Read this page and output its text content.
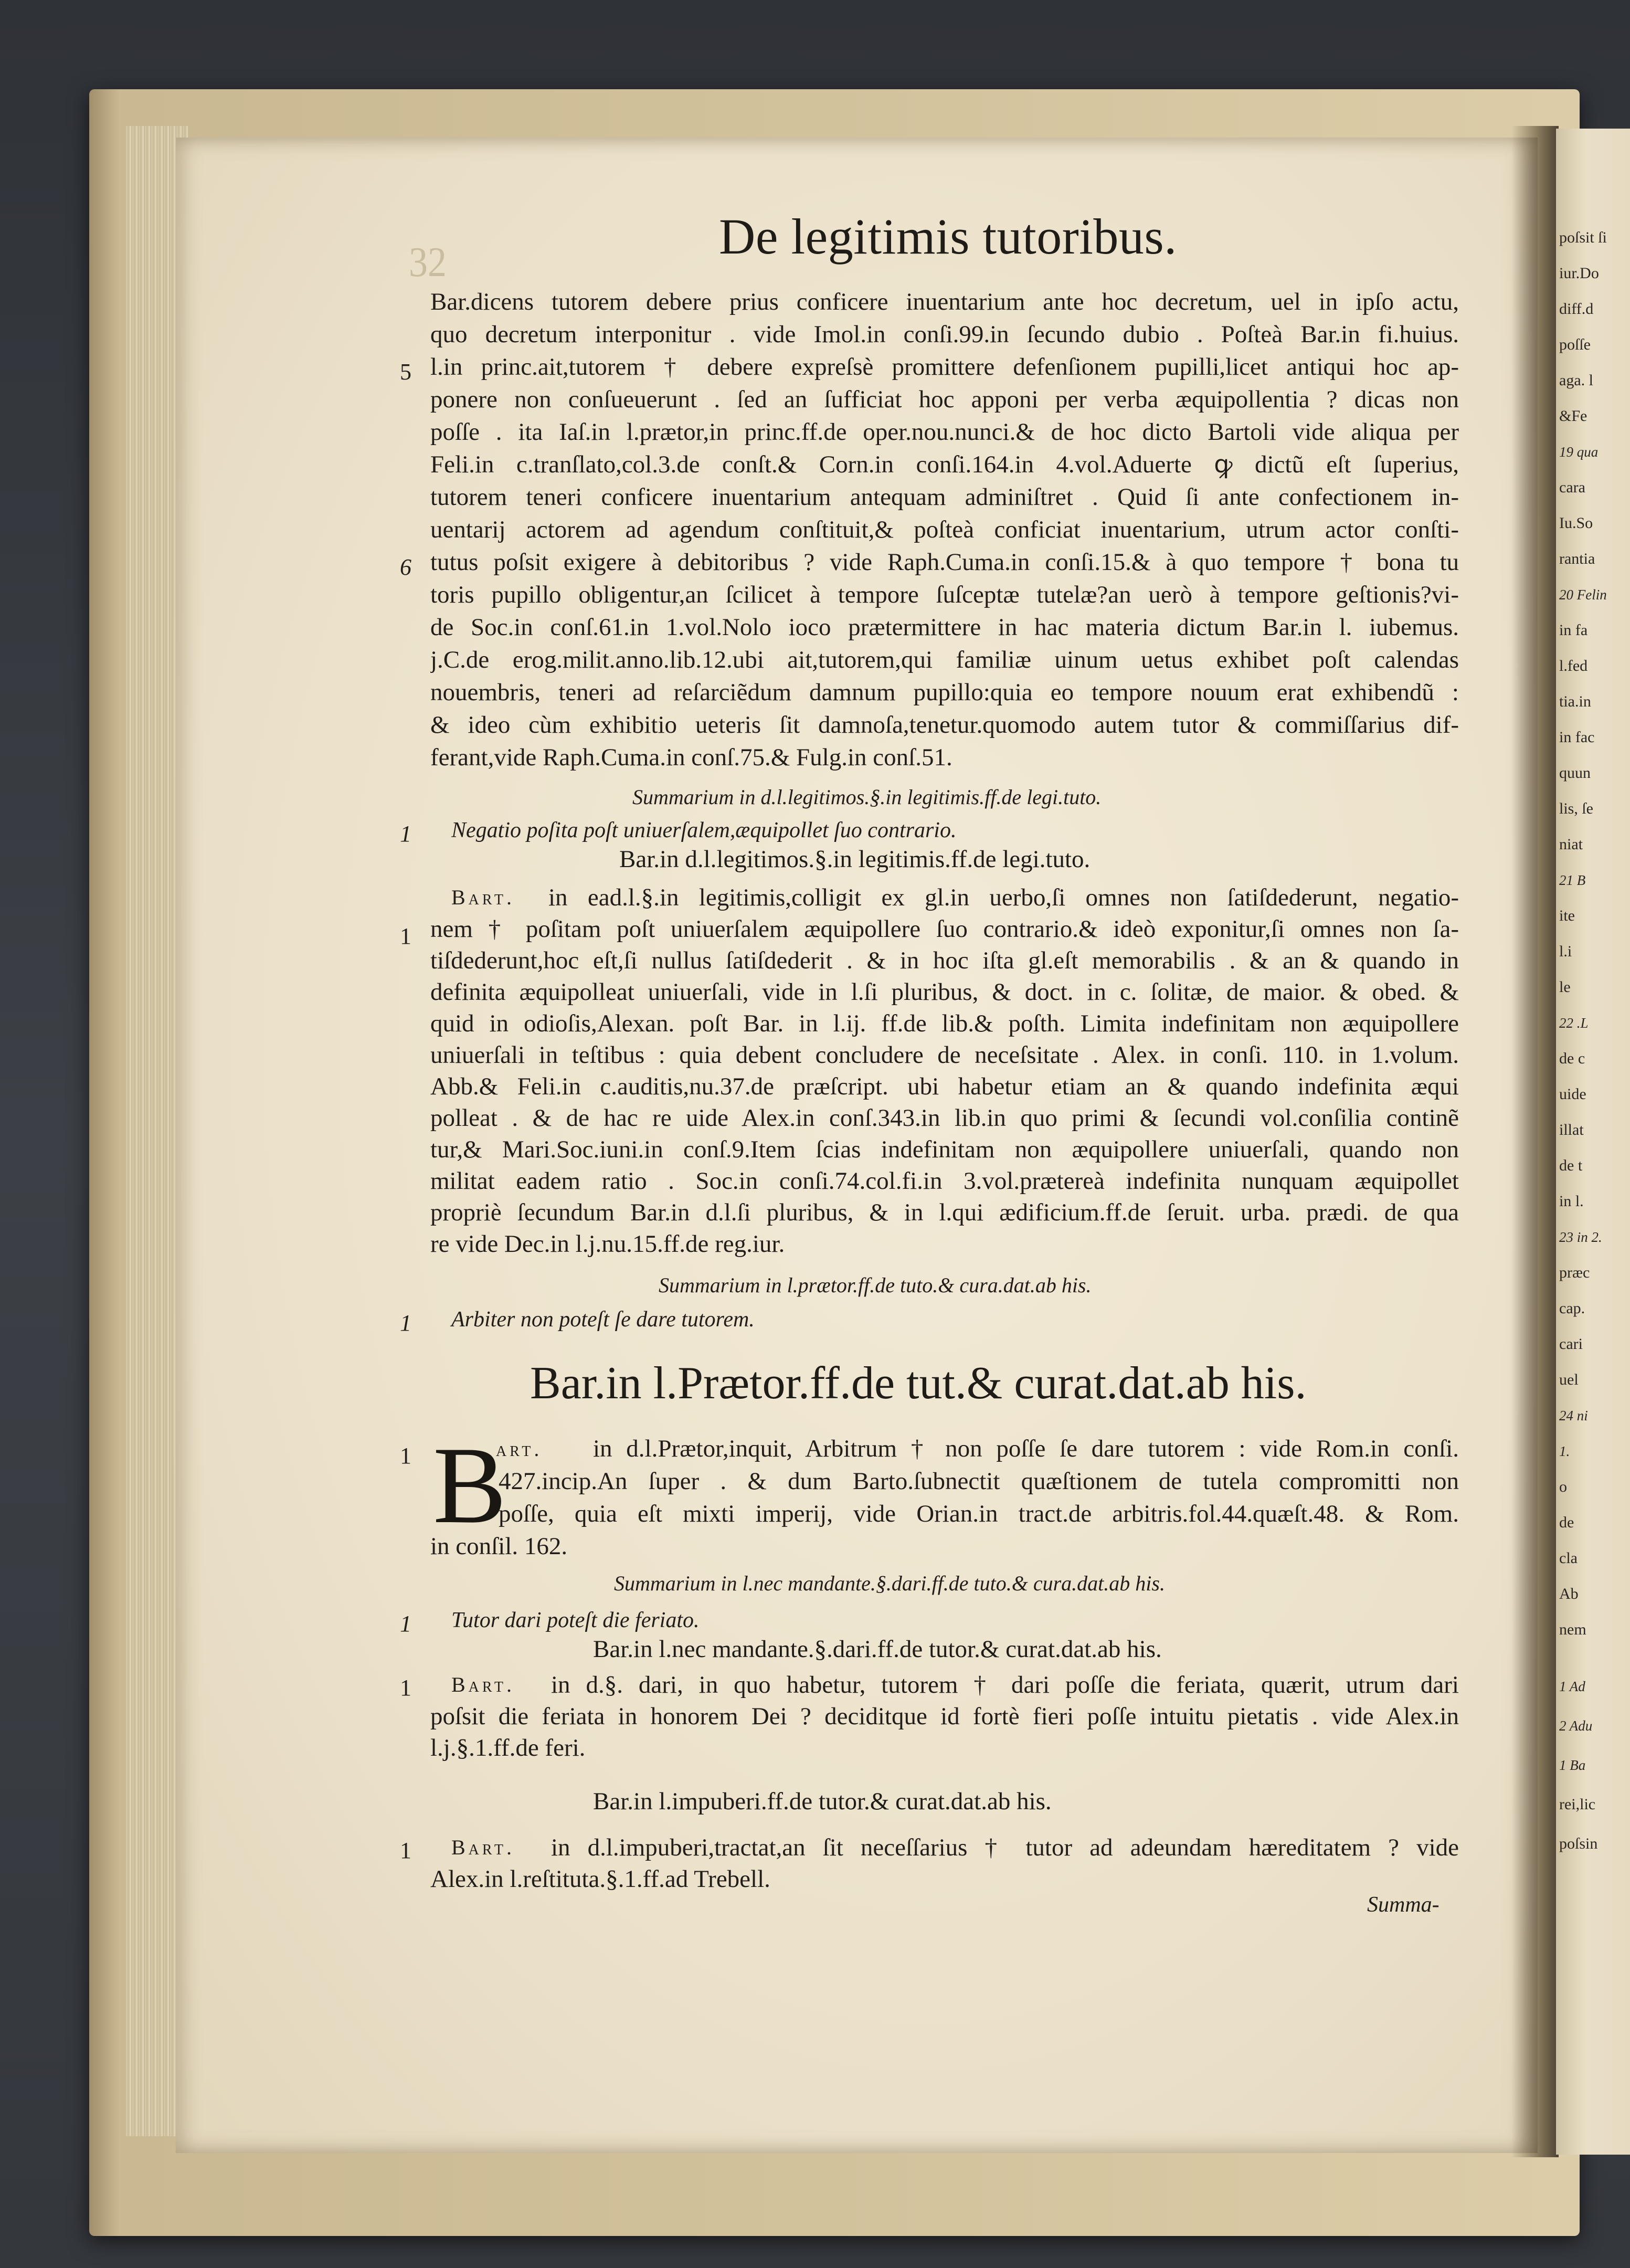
poſsit ſi
iur.Do
diff.d
poſſe
aga. l
&Fe
19 qua
cara
Iu.So
rantia
20 Felin
in fa
l.fed
tia.in
in fac
quun
lis, ſe
niat
21 B
ite
l.i
le
22 .L
de c
uide
illat
de t
in l.
23 in 2.
præc
cap.
cari
uel
24 ni
1.
o
de
cla
Ab
nem
1 Ad
2 Adu
1 Ba
rei,lic
poſsin
32	De legitimis tutoribus.
Bar.dicens tutorem debere prius conficere inuentarium ante hoc decretum, uel in ipſo actu,
quo decretum interponitur . vide Imol.in conſi.99.in ſecundo dubio . Poſteà Bar.in fi.huius.
l.in princ.ait,tutorem † debere expreſsè promittere defenſionem pupilli,licet antiqui hoc ap-
ponere non conſueuerunt . ſed an ſufficiat hoc apponi per verba æquipollentia ? dicas non
poſſe . ita Iaſ.in l.prætor,in princ.ff.de oper.nou.nunci.& de hoc dicto Bartoli vide aliqua per
Feli.in c.tranſlato,col.3.de conſt.& Corn.in conſi.164.in 4.vol.Aduerte ꝙ dictũ eſt ſuperius,
tutorem teneri conficere inuentarium antequam adminiſtret . Quid ſi ante confectionem in-
uentarij actorem ad agendum conſtituit,& poſteà conficiat inuentarium, utrum actor conſti-
tutus poſsit exigere à debitoribus ? vide Raph.Cuma.in conſi.15.& à quo tempore † bona tu
toris pupillo obligentur,an ſcilicet à tempore ſuſceptæ tutelæ?an uerò à tempore geſtionis?vi-
de Soc.in conſ.61.in 1.vol.Nolo ioco prætermittere in hac materia dictum Bar.in l. iubemus.
j.C.de erog.milit.anno.lib.12.ubi ait,tutorem,qui familiæ uinum uetus exhibet poſt calendas
nouembris, teneri ad reſarciẽdum damnum pupillo:quia eo tempore nouum erat exhibendũ :
& ideo cùm exhibitio ueteris ſit damnoſa,tenetur.quomodo autem tutor & commiſſarius dif-
ferant,vide Raph.Cuma.in conſ.75.& Fulg.in conſ.51.
5
6
Summarium in d.l.legitimos.§.in legitimis.ff.de legi.tuto.
1 Negatio poſita poſt uniuerſalem,æquipollet ſuo contrario.
Bar.in d.l.legitimos.§.in legitimis.ff.de legi.tuto.
1
in ead.l.§.in legitimis,colligit ex gl.in uerbo,ſi omnes non ſatiſdederunt, negatio-
nem † poſitam poſt uniuerſalem æquipollere ſuo contrario.& ideò exponitur,ſi omnes non ſa-
tiſdederunt,hoc eſt,ſi nullus ſatiſdederit . & in hoc iſta gl.eſt memorabilis . & an & quando in
definita æquipolleat uniuerſali, vide in l.ſi pluribus, & doct. in c. ſolitæ, de maior. & obed. &
quid in odioſis,Alexan. poſt Bar. in l.ij. ff.de lib.& poſth. Limita indefinitam non æquipollere
uniuerſali in teſtibus : quia debent concludere de neceſsitate . Alex. in conſi. 110. in 1.volum.
Abb.& Feli.in c.auditis,nu.37.de præſcript. ubi habetur etiam an & quando indefinita æqui
polleat . & de hac re uide Alex.in conſ.343.in lib.in quo primi & ſecundi vol.conſilia continẽ
tur,& Mari.Soc.iuni.in conſ.9.Item ſcias indefinitam non æquipollere uniuerſali, quando non
militat eadem ratio . Soc.in conſi.74.col.fi.in 3.vol.prætereà indefinita nunquam æquipollet
propriè ſecundum Bar.in d.l.ſi pluribus, & in l.qui ædificium.ff.de ſeruit. urba. prædi. de qua
re vide Dec.in l.j.nu.15.ff.de reg.iur.
Bart.
Summarium in l.prætor.ff.de tuto.& cura.dat.ab his.
1 Arbiter non poteſt ſe dare tutorem.
Bar.in l.Prætor.ff.de tut.& curat.dat.ab his.
1 B	in d.l.Prætor,inquit, Arbitrum † non poſſe ſe dare tutorem : vide Rom.in conſi.
427.incip.An ſuper . & dum Barto.ſubnectit quæſtionem de tutela compromitti non
poſſe, quia eſt mixti imperij, vide Orian.in tract.de arbitris.fol.44.quæſt.48. & Rom.
in conſil. 162.
art.
Summarium in l.nec mandante.§.dari.ff.de tuto.& cura.dat.ab his.
1 Tutor dari poteſt die feriato.
Bar.in l.nec mandante.§.dari.ff.de tutor.& curat.dat.ab his.
1	in d.§. dari, in quo habetur, tutorem † dari poſſe die feriata, quærit, utrum dari
poſsit die feriata in honorem Dei ? deciditque id fortè fieri poſſe intuitu pietatis . vide Alex.in
l.j.§.1.ff.de feri.
Bart.
Bar.in l.impuberi.ff.de tutor.& curat.dat.ab his.
1	in d.l.impuberi,tractat,an ſit neceſſarius † tutor ad adeundam hæreditatem ? vide
Alex.in l.reſtituta.§.1.ff.ad Trebell.
Bart.
Summa-
